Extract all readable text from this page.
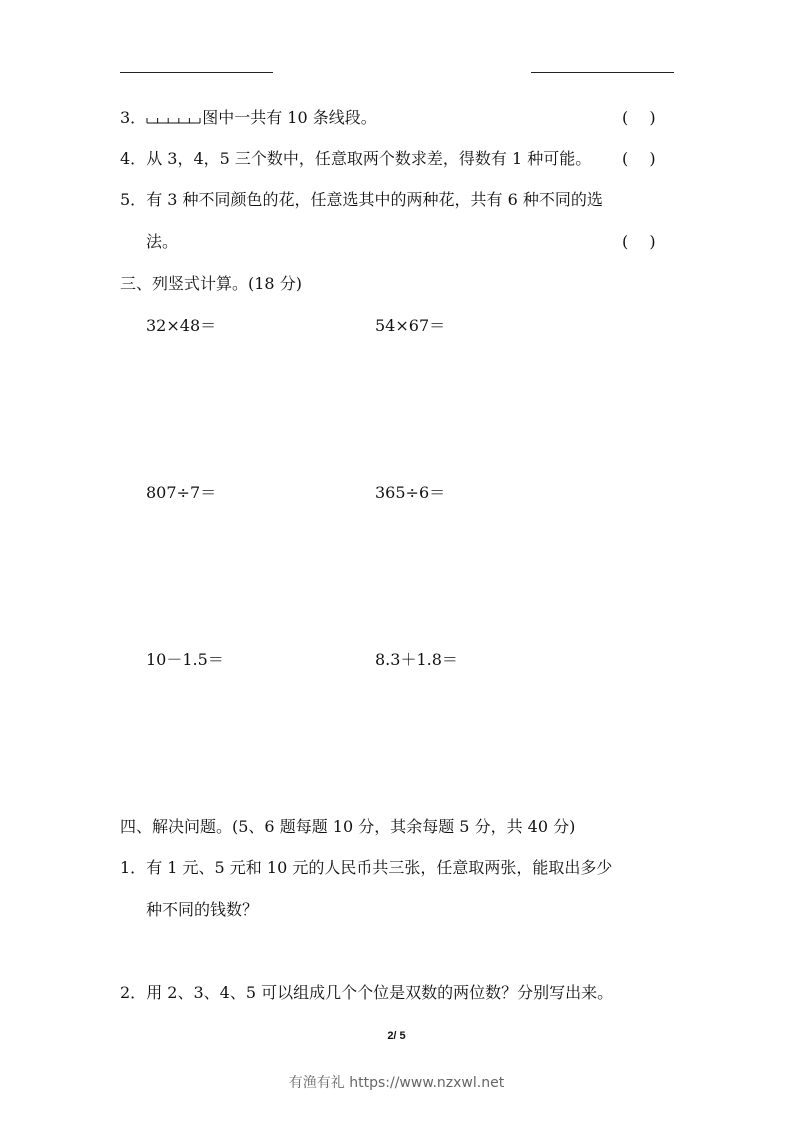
3．	图中一共有 10 条线段。	(　 )
4．从 3，4，5 三个数中，任意取两个数求差，得数有 1 种可能。 (　 )
5．有 3 种不同颜色的花，任意选其中的两种花，共有 6 种不同的选
法。	(　 )
三、列竖式计算。(18 分)
32×48＝	54×67＝
807÷7＝	365÷6＝
10－1.5＝	8.3＋1.8＝
四、解决问题。(5、6 题每题 10 分，其余每题 5 分，共 40 分)
1．有 1 元、5 元和 10 元的人民币共三张，任意取两张，能取出多少
种不同的钱数？
2．用 2、3、4、5 可以组成几个个位是双数的两位数？分别写出来。
2/ 5
有渔有礼 https://www.nzxwl.net
